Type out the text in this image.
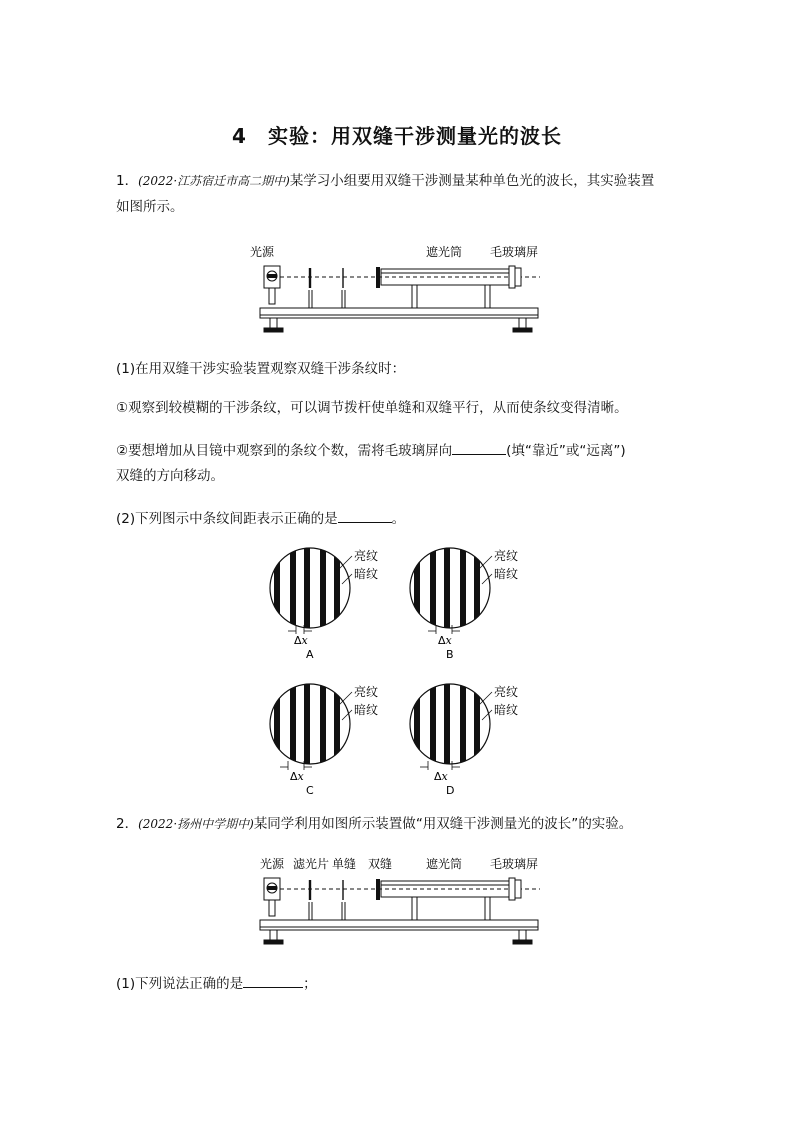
4　实验：用双缝干涉测量光的波长
1．(2022·江苏宿迁市高二期中)某学习小组要用双缝干涉测量某种单色光的波长，其实验装置
如图所示。
光源	遮光筒 毛玻璃屏
(1)在用双缝干涉实验装置观察双缝干涉条纹时：
①观察到较模糊的干涉条纹，可以调节拨杆使单缝和双缝平行，从而使条纹变得清晰。
②要想增加从目镜中观察到的条纹个数，需将毛玻璃屏向	(填“靠近”或“远离”)
双缝的方向移动。
(2)下列图示中条纹间距表示正确的是	。
亮纹
暗纹
Δx
A
亮纹
暗纹
Δx
B
亮纹
暗纹
Δx
C
亮纹
暗纹
Δx
D
2．(2022·扬州中学期中)某同学利用如图所示装置做“用双缝干涉测量光的波长”的实验。
光源 滤光片 单缝 双缝	遮光筒 毛玻璃屏
(1)下列说法正确的是	；
